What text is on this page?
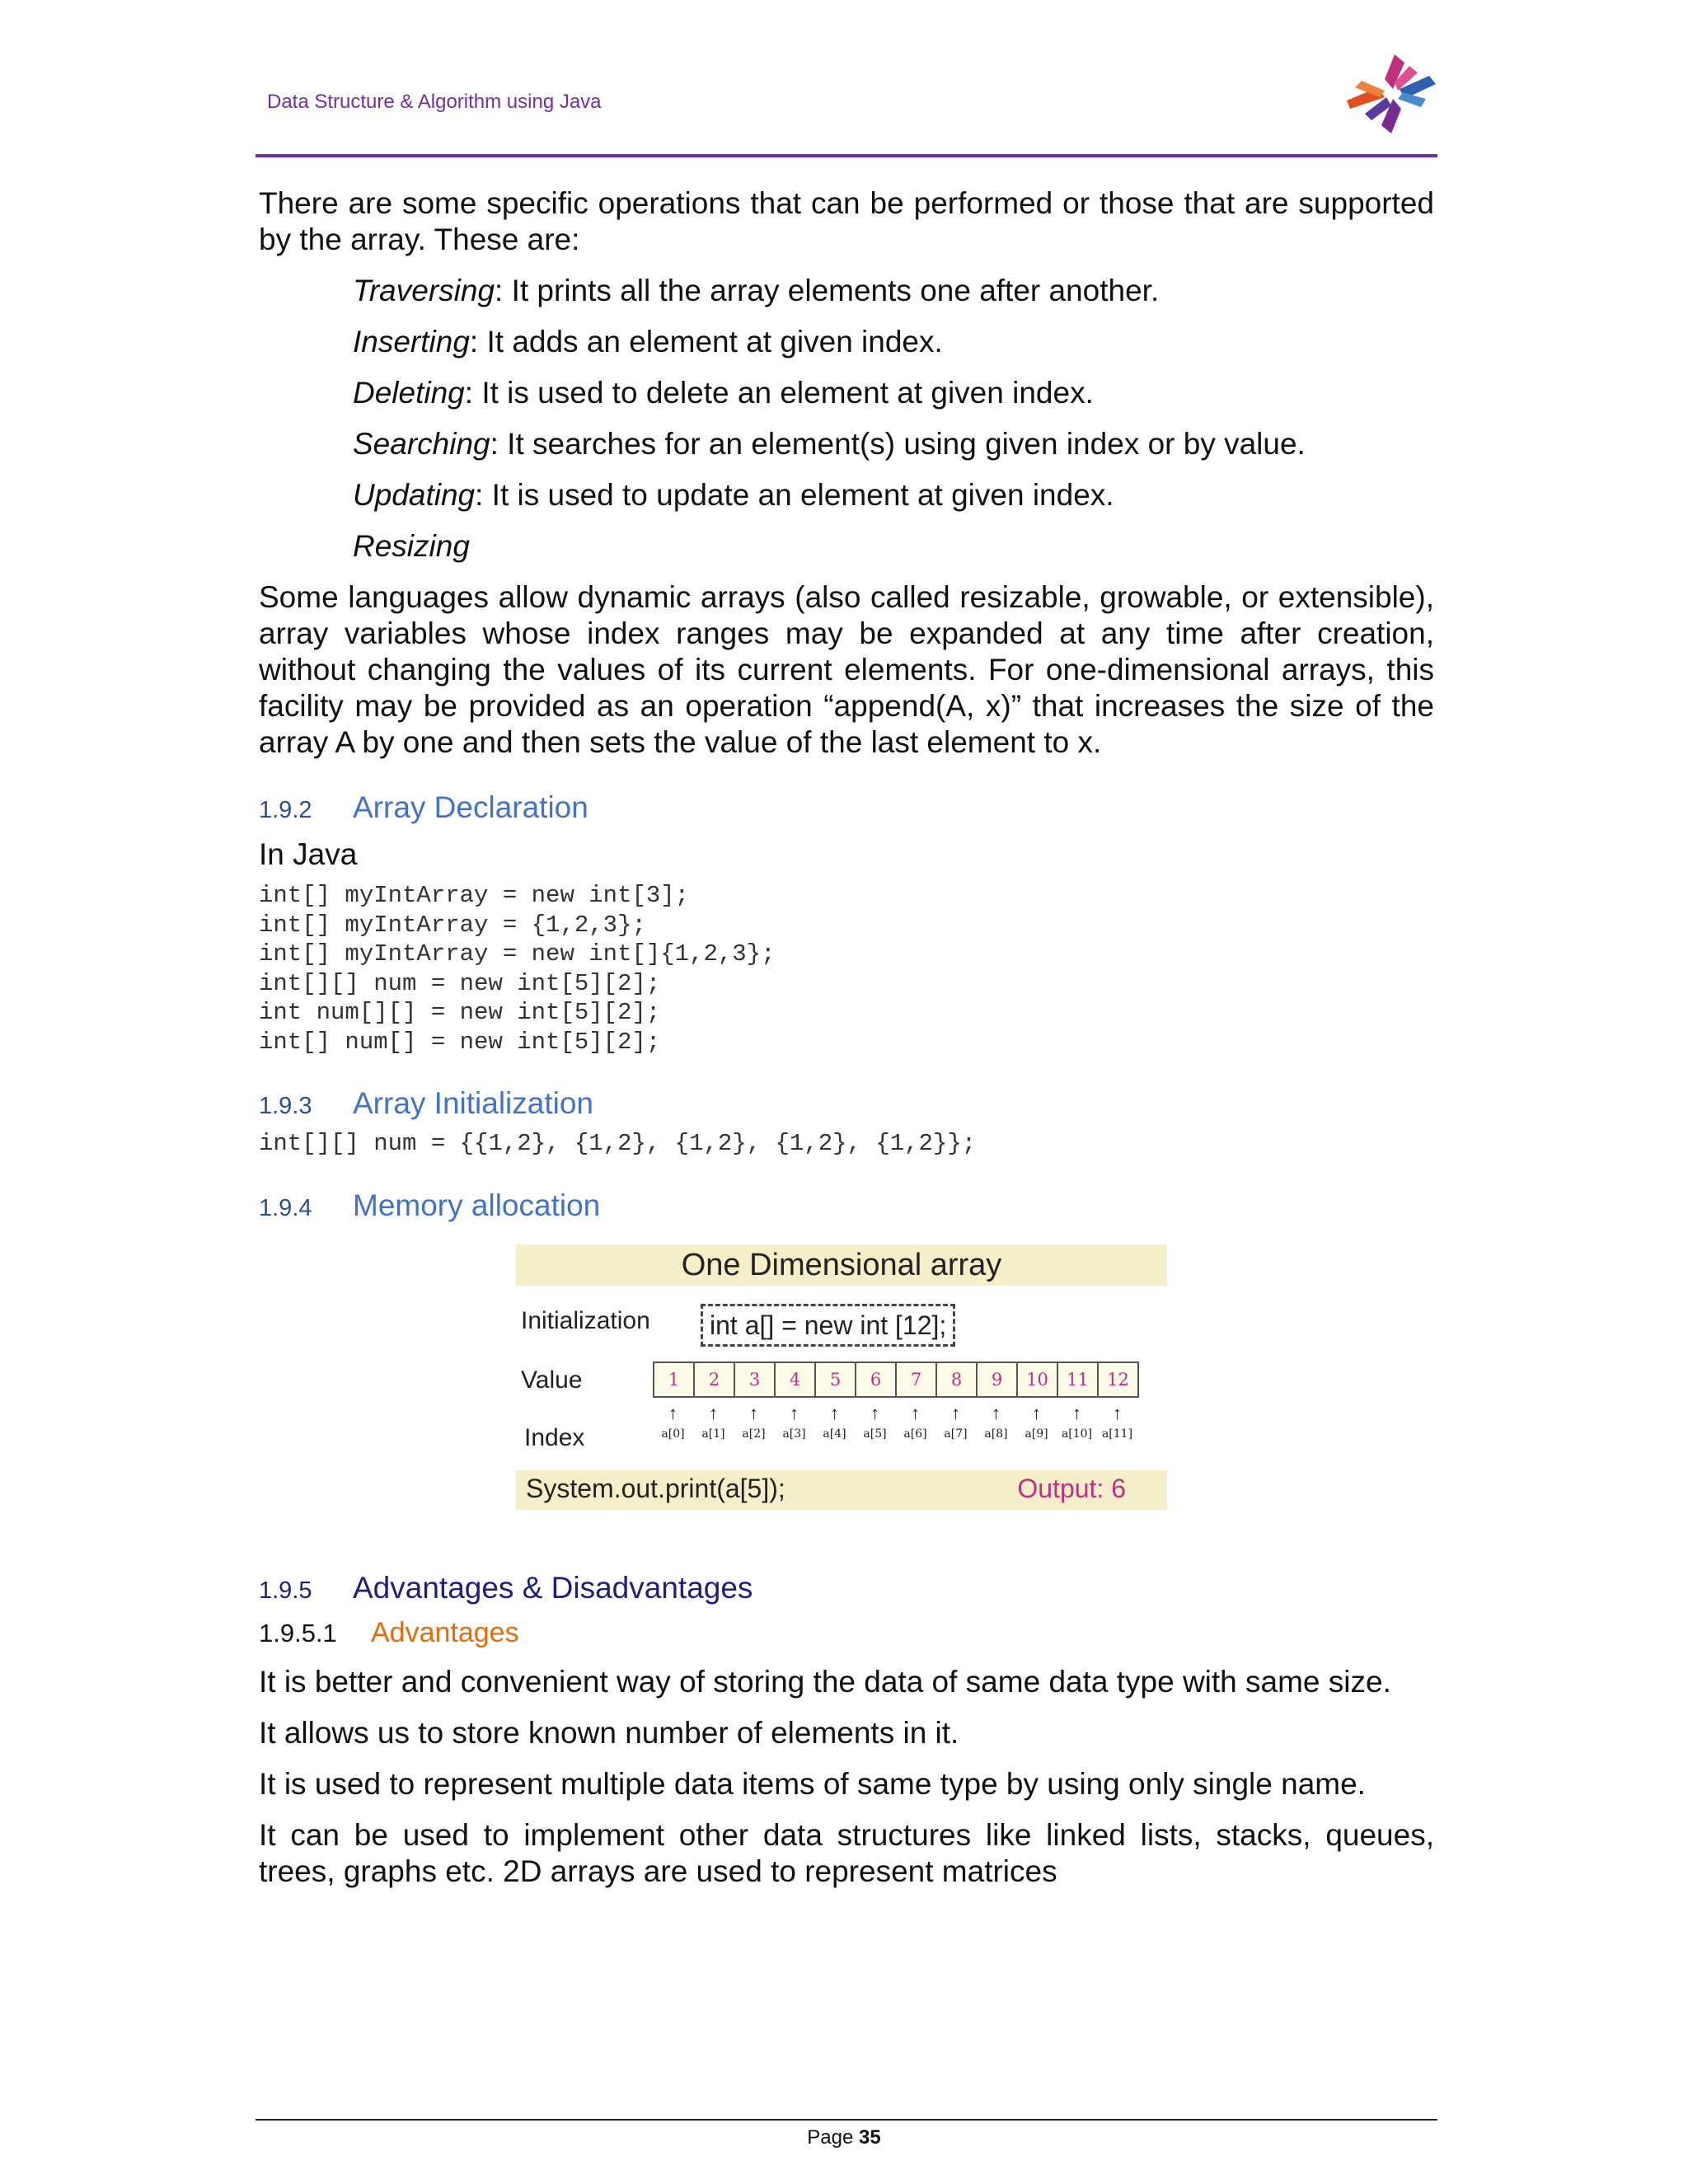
Data Structure & Algorithm using Java

There are some specific operations that can be performed or those that are supported by the array. These are:

Traversing: It prints all the array elements one after another.

Inserting: It adds an element at given index.

Deleting: It is used to delete an element at given index.

Searching: It searches for an element(s) using given index or by value.

Updating: It is used to update an element at given index.

Resizing

Some languages allow dynamic arrays (also called resizable, growable, or extensible), array variables whose index ranges may be expanded at any time after creation, without changing the values of its current elements. For one-dimensional arrays, this facility may be provided as an operation “append(A, x)” that increases the size of the array A by one and then sets the value of the last element to x.

1.9.2	Array Declaration

In Java

int[] myIntArray = new int[3];
int[] myIntArray = {1,2,3};
int[] myIntArray = new int[]{1,2,3};
int[][] num = new int[5][2];
int num[][] = new int[5][2];
int[] num[] = new int[5][2];
1.9.3	Array Initialization
int[][] num = {{1,2}, {1,2}, {1,2}, {1,2}, {1,2}};
1.9.4	Memory allocation
One Dimensional array
Initialization	int a[] = new int [12];
Value	1	2	3	4	5	6	7	8	9	10	11	12
↑	↑	↑	↑	↑	↑	↑	↑	↑	↑	↑	↑
Index	a[0]	a[1]	a[2]	a[3]	a[4]	a[5]	a[6]	a[7]	a[8]	a[9]	a[10] a[11]
System.out.print(a[5]);	Output: 6
1.9.5	Advantages & Disadvantages
1.9.5.1	Advantages

It is better and convenient way of storing the data of same data type with same size.

It allows us to store known number of elements in it.

It is used to represent multiple data items of same type by using only single name.

It can be used to implement other data structures like linked lists, stacks, queues, trees, graphs etc. 2D arrays are used to represent matrices

Page 35
